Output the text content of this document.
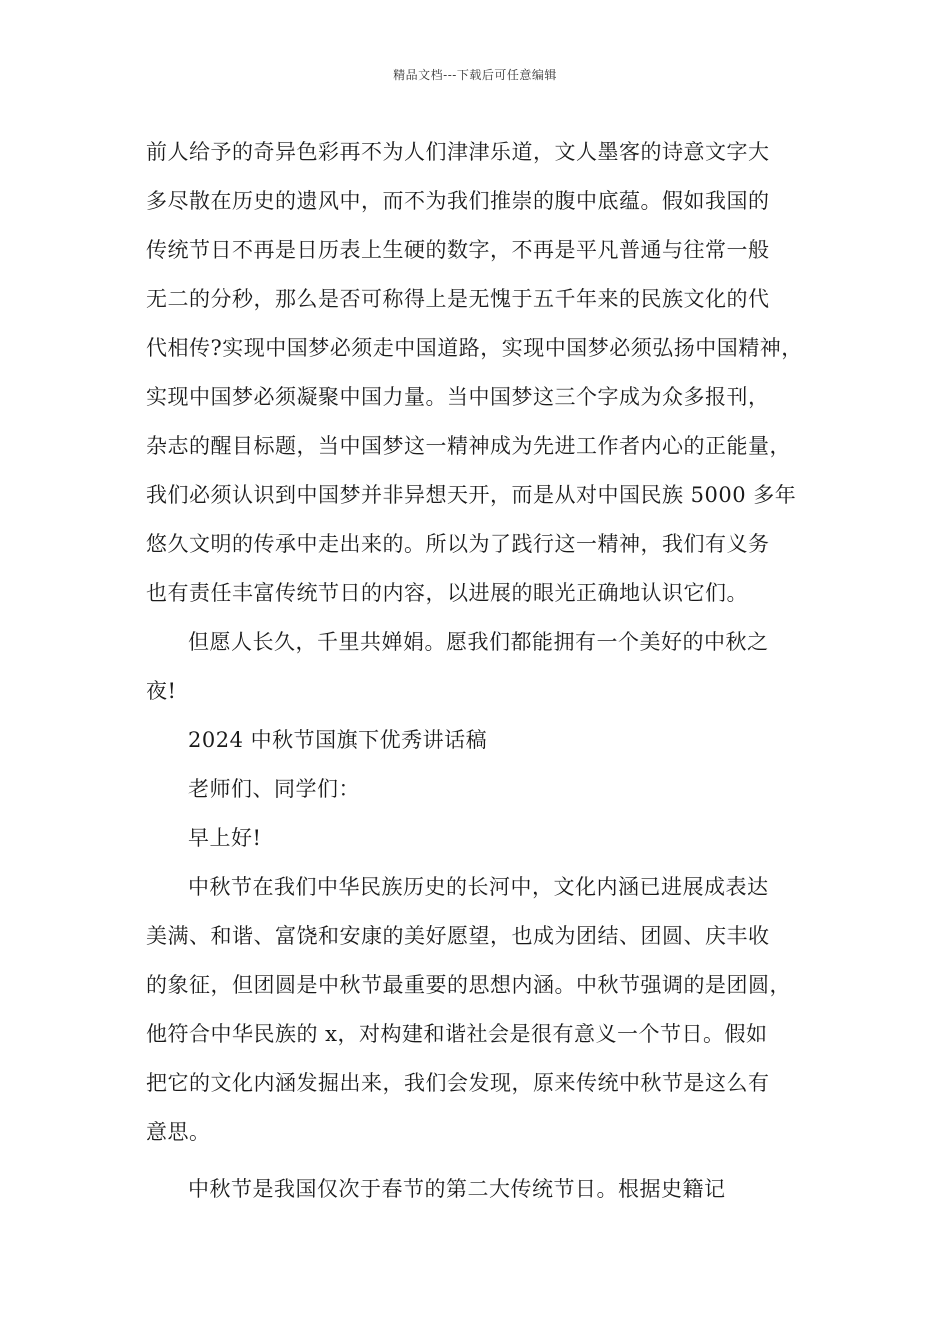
精品文档---下载后可任意编辑
前人给予的奇异色彩再不为人们津津乐道，文人墨客的诗意文字大
多尽散在历史的遗风中，而不为我们推崇的腹中底蕴。假如我国的
传统节日不再是日历表上生硬的数字，不再是平凡普通与往常一般
无二的分秒，那么是否可称得上是无愧于五千年来的民族文化的代
代相传?实现中国梦必须走中国道路，实现中国梦必须弘扬中国精神，
实现中国梦必须凝聚中国力量。当中国梦这三个字成为众多报刊，
杂志的醒目标题，当中国梦这一精神成为先进工作者内心的正能量，
我们必须认识到中国梦并非异想天开，而是从对中国民族 5000 多年
悠久文明的传承中走出来的。所以为了践行这一精神，我们有义务
也有责任丰富传统节日的内容，以进展的眼光正确地认识它们。
但愿人长久，千里共婵娟。愿我们都能拥有一个美好的中秋之
夜!
2024 中秋节国旗下优秀讲话稿
老师们、同学们：
早上好!
中秋节在我们中华民族历史的长河中，文化内涵已进展成表达
美满、和谐、富饶和安康的美好愿望，也成为团结、团圆、庆丰收
的象征，但团圆是中秋节最重要的思想内涵。中秋节强调的是团圆，
他符合中华民族的 x，对构建和谐社会是很有意义一个节日。假如
把它的文化内涵发掘出来，我们会发现，原来传统中秋节是这么有
意思。
中秋节是我国仅次于春节的第二大传统节日。根据史籍记
